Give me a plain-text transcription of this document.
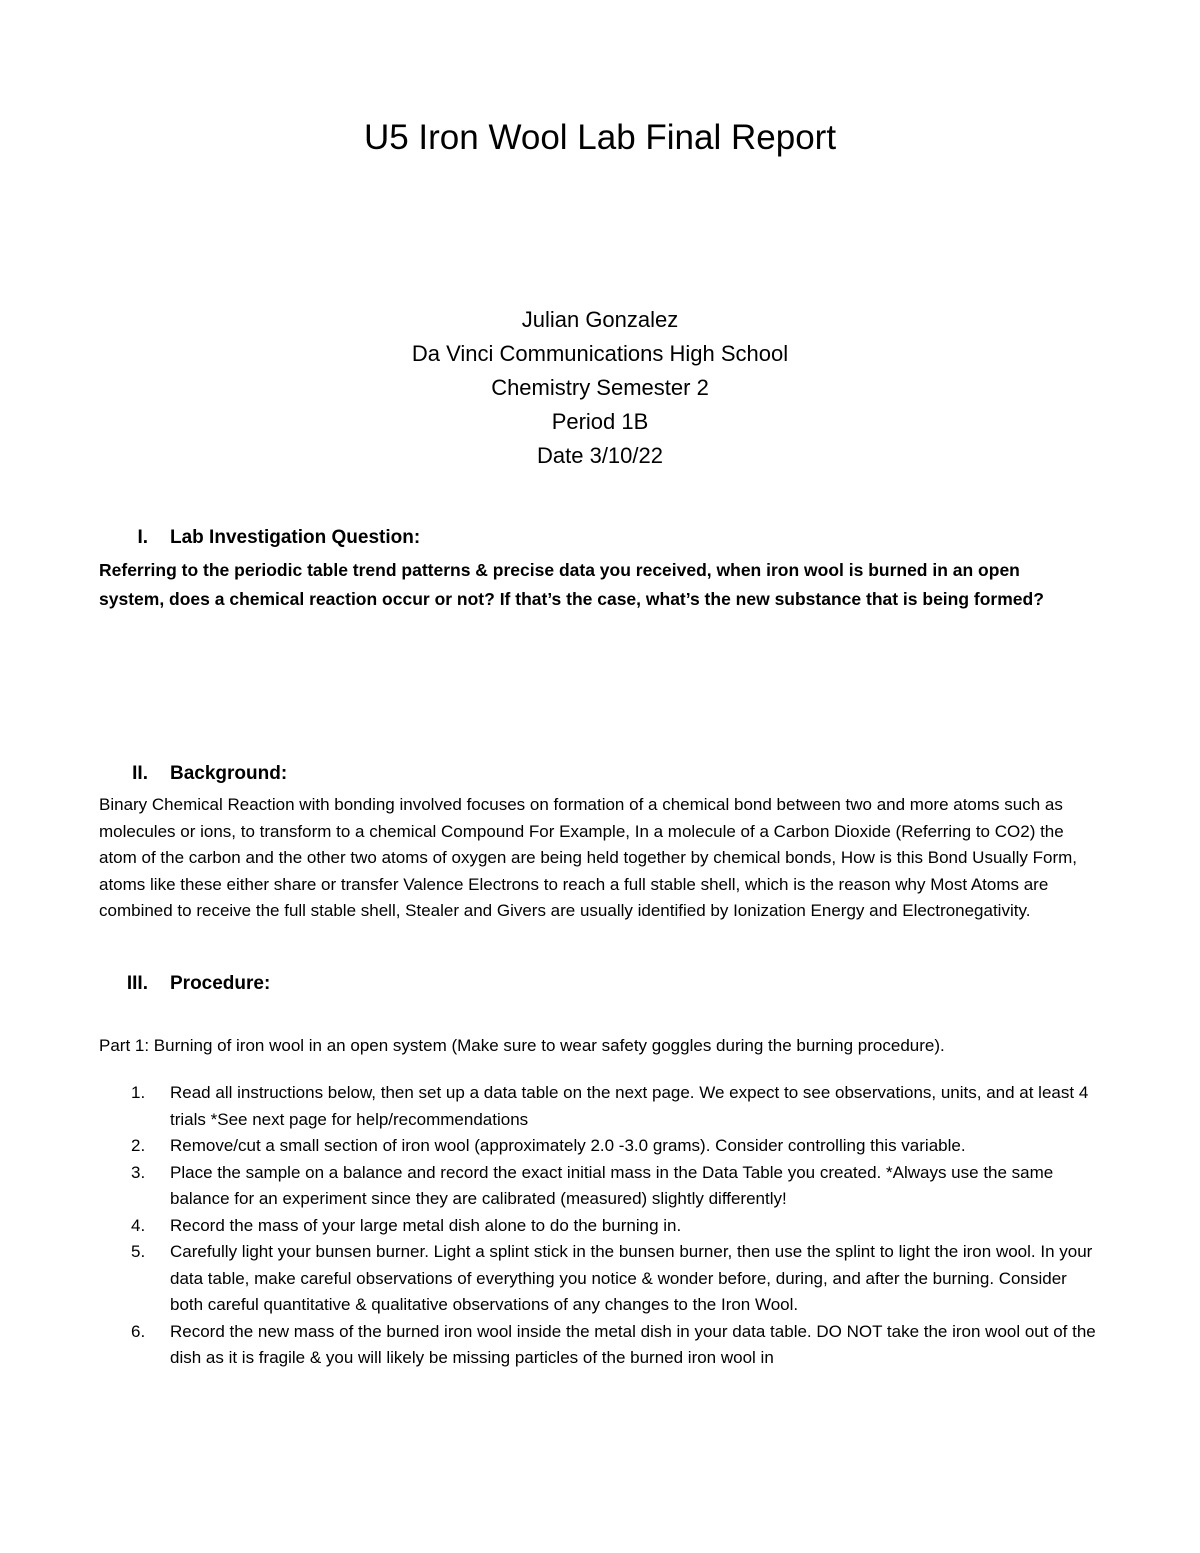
U5 Iron Wool Lab Final Report
Julian Gonzalez
Da Vinci Communications High School
Chemistry Semester 2
Period 1B
Date 3/10/22
I. Lab Investigation Question:
Referring to the periodic table trend patterns & precise data you received, when iron wool is burned in an open system, does a chemical reaction occur or not? If that’s the case, what’s the new substance that is being formed?
II. Background:
Binary Chemical Reaction with bonding involved focuses on formation of a chemical bond between two and more atoms such as molecules or ions, to transform to a chemical Compound For Example, In a molecule of a Carbon Dioxide (Referring to CO2) the atom of the carbon and the other two atoms of oxygen are being held together by chemical bonds, How is this Bond Usually Form, atoms like these either share or transfer Valence Electrons to reach a full stable shell, which is the reason why Most Atoms are combined to receive the full stable shell, Stealer and Givers are usually identified by Ionization Energy and Electronegativity.
III. Procedure:
Part 1: Burning of iron wool in an open system (Make sure to wear safety goggles during the burning procedure).
1. Read all instructions below, then set up a data table on the next page. We expect to see observations, units, and at least 4 trials *See next page for help/recommendations
2. Remove/cut a small section of iron wool (approximately 2.0 -3.0 grams). Consider controlling this variable.
3. Place the sample on a balance and record the exact initial mass in the Data Table you created. *Always use the same balance for an experiment since they are calibrated (measured) slightly differently!
4. Record the mass of your large metal dish alone to do the burning in.
5. Carefully light your bunsen burner. Light a splint stick in the bunsen burner, then use the splint to light the iron wool. In your data table, make careful observations of everything you notice & wonder before, during, and after the burning. Consider both careful quantitative & qualitative observations of any changes to the Iron Wool.
6. Record the new mass of the burned iron wool inside the metal dish in your data table. DO NOT take the iron wool out of the dish as it is fragile & you will likely be missing particles of the burned iron wool in
